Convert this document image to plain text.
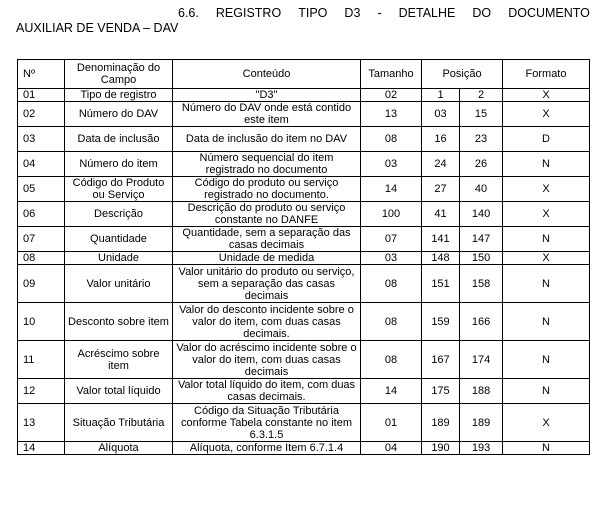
6.6. REGISTRO TIPO D3 - DETALHE DO DOCUMENTO
AUXILIAR DE VENDA – DAV
Nº	Denominação do Campo	Conteúdo	Tamanho	Posição		Formato
01	Tipo de registro	"D3"	02	1	2	X
02	Número do DAV	Número do DAV onde está contido este item	13	03	15	X
03	Data de inclusão	Data de inclusão do item no DAV	08	16	23	D
04	Número do item	Número sequencial do item registrado no documento	03	24	26	N
05	Código do Produto ou Serviço	Código do produto ou serviço registrado no documento.	14	27	40	X
06	Descrição	Descrição do produto ou serviço constante no DANFE	100	41	140	X
07	Quantidade	Quantidade, sem a separação das casas decimais	07	141	147	N
08	Unidade	Unidade de medida	03	148	150	X
09	Valor unitário	Valor unitário do produto ou serviço, sem a separação das casas decimais	08	151	158	N
10	Desconto sobre item	Valor do desconto incidente sobre o valor do item, com duas casas decimais.	08	159	166	N
11	Acréscimo sobre item	Valor do acréscimo incidente sobre o valor do item, com duas casas decimais	08	167	174	N
12	Valor total líquido	Valor total líquido do item, com duas casas decimais.	14	175	188	N
13	Situação Tributária	Código da Situação Tributária conforme Tabela constante no item 6.3.1.5	01	189	189	X
14	Alíquota	Alíquota, conforme Item 6.7.1.4	04	190	193	N
